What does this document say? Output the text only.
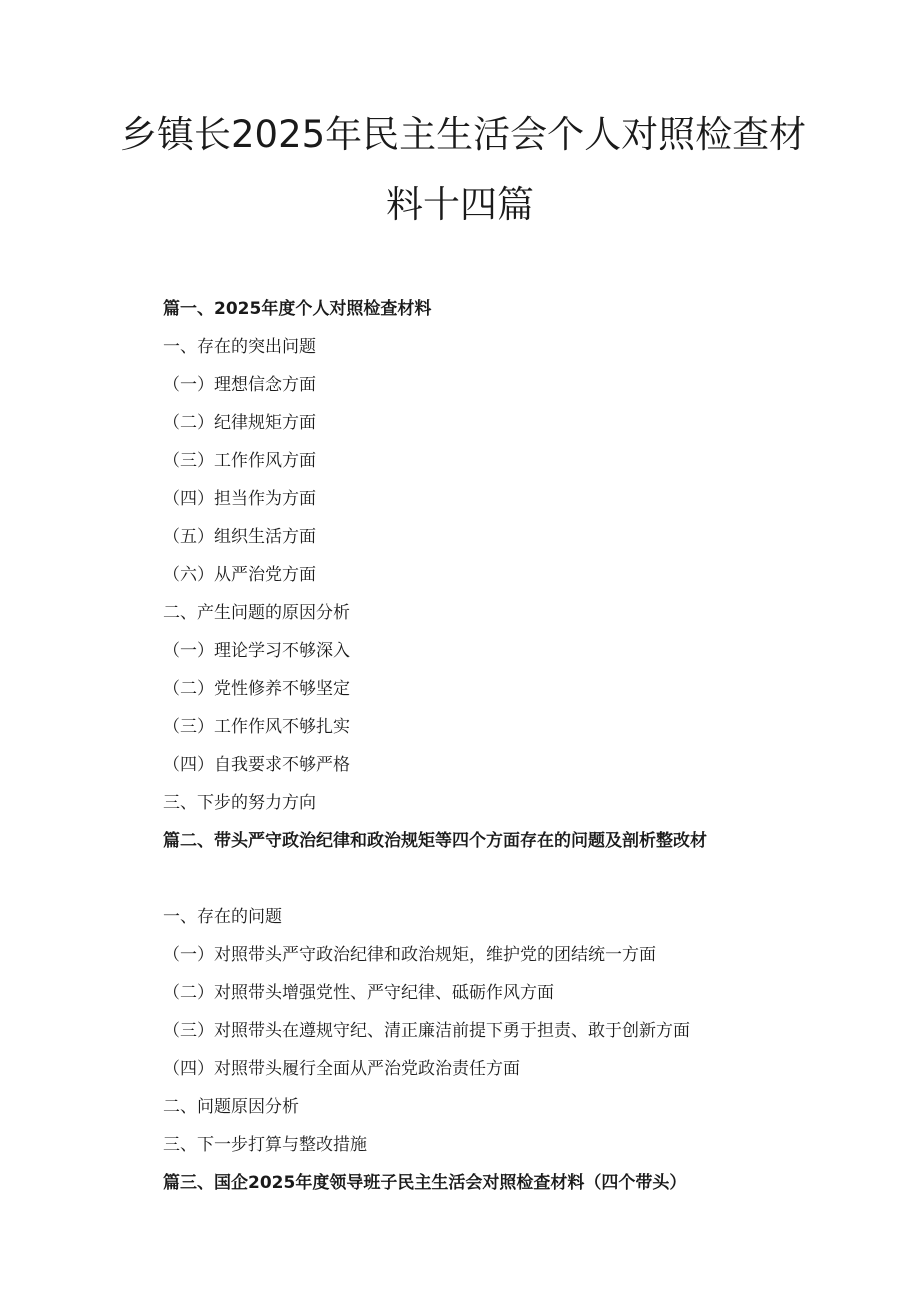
乡镇长2025年民主生活会个人对照检查材
料十四篇
篇一、2025年度个人对照检查材料
一、存在的突出问题
（一）理想信念方面
（二）纪律规矩方面
（三）工作作风方面
（四）担当作为方面
（五）组织生活方面
（六）从严治党方面
二、产生问题的原因分析
（一）理论学习不够深入
（二）党性修养不够坚定
（三）工作作风不够扎实
（四）自我要求不够严格
三、下步的努力方向
篇二、带头严守政治纪律和政治规矩等四个方面存在的问题及剖析整改材
一、存在的问题
（一）对照带头严守政治纪律和政治规矩，维护党的团结统一方面
（二）对照带头增强党性、严守纪律、砥砺作风方面
（三）对照带头在遵规守纪、清正廉洁前提下勇于担责、敢于创新方面
（四）对照带头履行全面从严治党政治责任方面
二、问题原因分析
三、下一步打算与整改措施
篇三、国企2025年度领导班子民主生活会对照检查材料（四个带头）
